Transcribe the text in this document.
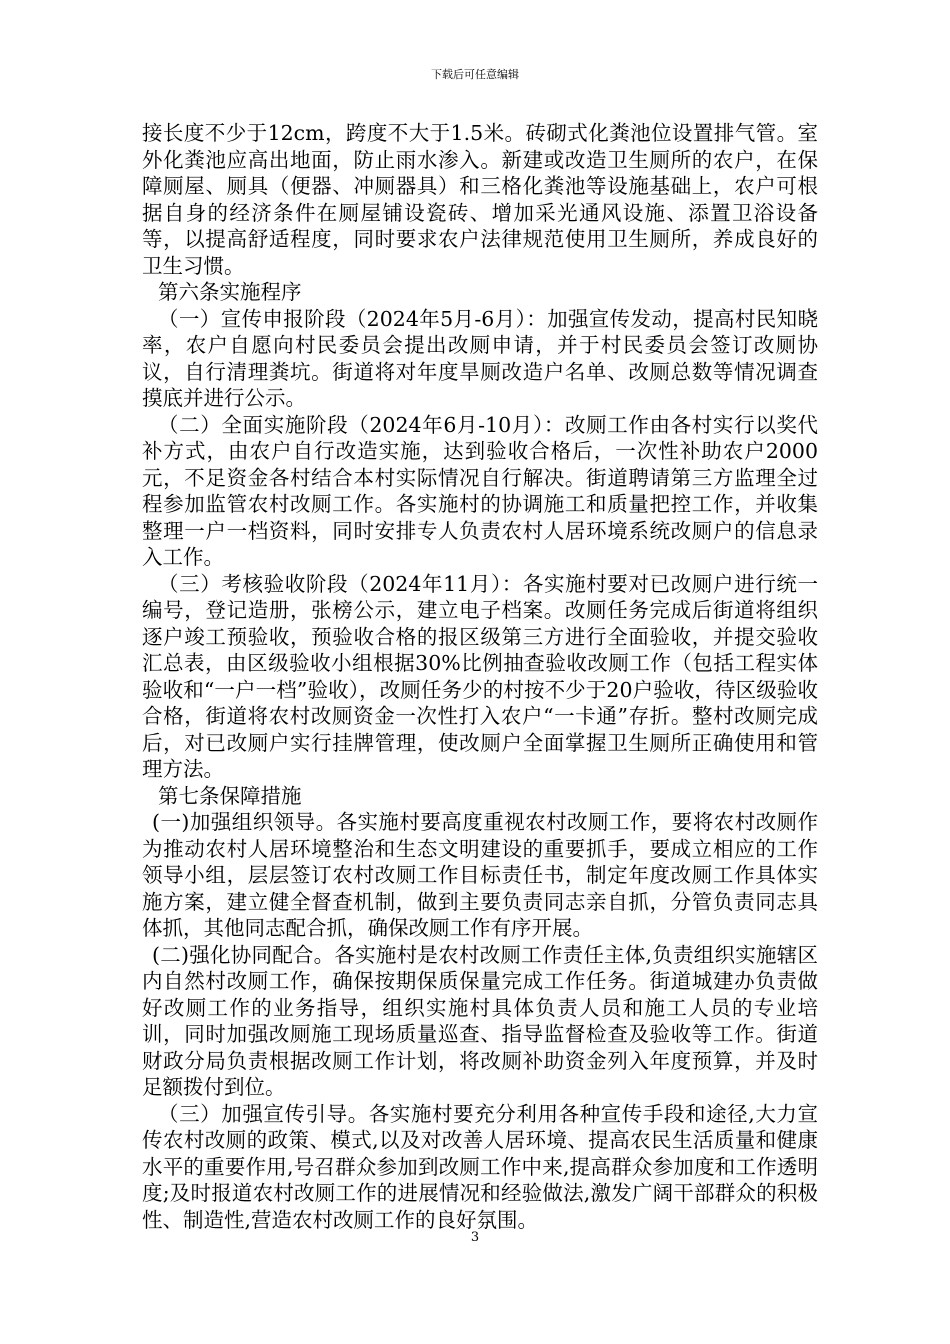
下载后可任意编辑

接长度不少于12cm，跨度不大于1.5米。砖砌式化粪池位设置排气管。室外化粪池应高出地面，防止雨水渗入。新建或改造卫生厕所的农户，在保障厕屋、厕具（便器、冲厕器具）和三格化粪池等设施基础上，农户可根据自身的经济条件在厕屋铺设瓷砖、增加采光通风设施、添置卫浴设备等，以提高舒适程度，同时要求农户法律规范使用卫生厕所，养成良好的卫生习惯。

第六条实施程序

（一）宣传申报阶段（2024年5月-6月）：加强宣传发动，提高村民知晓率，农户自愿向村民委员会提出改厕申请，并于村民委员会签订改厕协议，自行清理粪坑。街道将对年度旱厕改造户名单、改厕总数等情况调查摸底并进行公示。

（二）全面实施阶段（2024年6月-10月）：改厕工作由各村实行以奖代补方式，由农户自行改造实施，达到验收合格后，一次性补助农户2000元，不足资金各村结合本村实际情况自行解决。街道聘请第三方监理全过程参加监管农村改厕工作。各实施村的协调施工和质量把控工作，并收集整理一户一档资料，同时安排专人负责农村人居环境系统改厕户的信息录入工作。

（三）考核验收阶段（2024年11月）：各实施村要对已改厕户进行统一编号，登记造册，张榜公示，建立电子档案。改厕任务完成后街道将组织逐户竣工预验收，预验收合格的报区级第三方进行全面验收，并提交验收汇总表，由区级验收小组根据30%比例抽查验收改厕工作（包括工程实体验收和“一户一档”验收），改厕任务少的村按不少于20户验收，待区级验收合格，街道将农村改厕资金一次性打入农户“一卡通”存折。整村改厕完成后，对已改厕户实行挂牌管理，使改厕户全面掌握卫生厕所正确使用和管理方法。

第七条保障措施

(一)加强组织领导。各实施村要高度重视农村改厕工作，要将农村改厕作为推动农村人居环境整治和生态文明建设的重要抓手，要成立相应的工作领导小组，层层签订农村改厕工作目标责任书，制定年度改厕工作具体实施方案，建立健全督查机制，做到主要负责同志亲自抓，分管负责同志具体抓，其他同志配合抓，确保改厕工作有序开展。

(二)强化协同配合。各实施村是农村改厕工作责任主体,负责组织实施辖区内自然村改厕工作，确保按期保质保量完成工作任务。街道城建办负责做好改厕工作的业务指导，组织实施村具体负责人员和施工人员的专业培训，同时加强改厕施工现场质量巡查、指导监督检查及验收等工作。街道财政分局负责根据改厕工作计划，将改厕补助资金列入年度预算，并及时足额拨付到位。

（三）加强宣传引导。各实施村要充分利用各种宣传手段和途径,大力宣传农村改厕的政策、模式,以及对改善人居环境、提高农民生活质量和健康水平的重要作用,号召群众参加到改厕工作中来,提高群众参加度和工作透明度;及时报道农村改厕工作的进展情况和经验做法,激发广阔干部群众的积极性、制造性,营造农村改厕工作的良好氛围。

3
